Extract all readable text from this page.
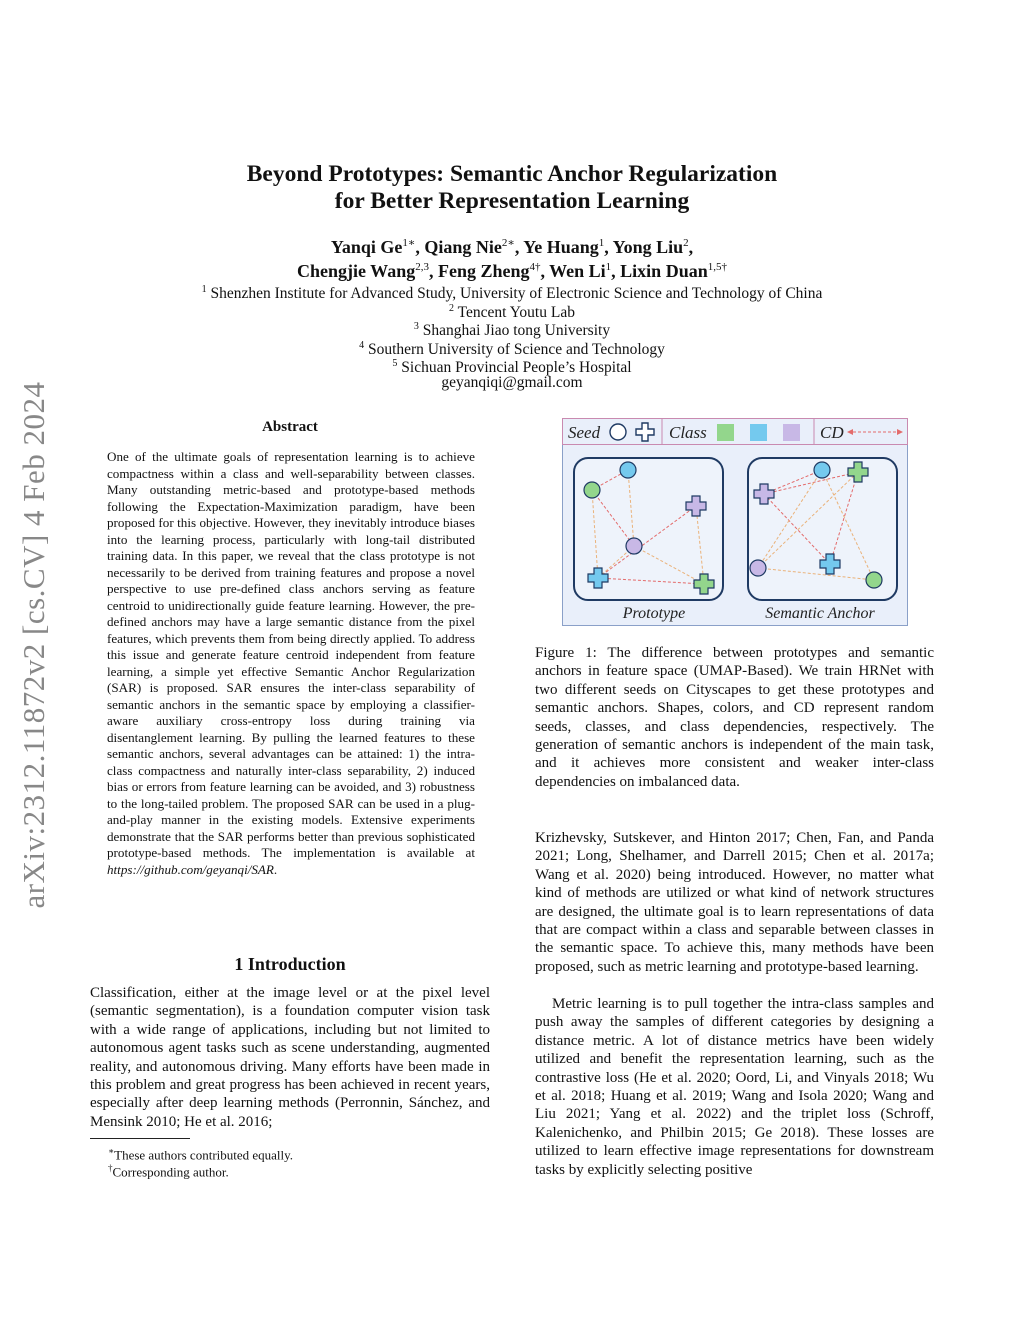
arXiv:2312.11872v2 [cs.CV] 4 Feb 2024
Beyond Prototypes: Semantic Anchor Regularization
for Better Representation Learning
Yanqi $Ge^{1∗}$, Qiang Nie$^{2∗}$, Ye Huang$^1$, Yong Liu$^2$,
Chengjie Wang$^{2,3}$, Feng Zheng$^{4\dagger}$, Wen Li$^1$, Lixin Duan$^{1,5\dagger}$
$^1$ Shenzhen Institute for Advanced Study, University of Electronic Science and Technology of China
$^2$ Tencent Youtu Lab
$^3$ Shanghai Jiao tong University
$^4$ Southern University of Science and Technology
$^5$ Sichuan Provincial People’s Hospital
geyanqiqi@gmail.com
Abstract
One of the ultimate goals of representation learning is to achieve compactness within a class and well-separability between classes. Many outstanding metric-based and prototype-based methods following the Expectation-Maximization paradigm, have been proposed for this objective. However, they inevitably introduce biases into the learning process, particularly with long-tail distributed training data. In this paper, we reveal that the class prototype is not necessarily to be derived from training features and propose a novel perspective to use pre-defined class anchors serving as feature centroid to unidirectionally guide feature learning. However, the pre-defined anchors may have a large semantic distance from the pixel features, which prevents them from being directly applied. To address this issue and generate feature centroid independent from feature learning, a simple yet effective Semantic Anchor Regularization (SAR) is proposed. SAR ensures the inter-class separability of semantic anchors in the semantic space by employing a classifier-aware auxiliary cross-entropy loss during training via disentanglement learning. By pulling the learned features to these semantic anchors, several advantages can be attained: 1) the intra-class compactness and naturally inter-class separability, 2) induced bias or errors from feature learning can be avoided, and 3) robustness to the long-tailed problem. The proposed SAR can be used in a plug-and-play manner in the existing models. Extensive experiments demonstrate that the SAR performs better than previous sophisticated prototype-based methods. The implementation is available at https://github.com/geyanqi/SAR.
1 Introduction
Classification, either at the image level or at the pixel level (semantic segmentation), is a foundation computer vision task with a wide range of applications, including but not limited to autonomous agent tasks such as scene understanding, augmented reality, and autonomous driving. Many efforts have been made in this problem and great progress has been achieved in recent years, especially after deep learning methods (Perronnin, Sánchez, and Mensink 2010; He et al. 2016;
∗These authors contributed equally.
†Corresponding author.
Seed	Class	CD
Prototype	Semantic Anchor
Figure 1: The difference between prototypes and semantic anchors in feature space (UMAP-Based). We train HRNet with two different seeds on Cityscapes to get these prototypes and semantic anchors. Shapes, colors, and CD represent random seeds, classes, and class dependencies, respectively. The generation of semantic anchors is independent of the main task, and it achieves more consistent and weaker inter-class dependencies on imbalanced data.
Krizhevsky, Sutskever, and Hinton 2017; Chen, Fan, and Panda 2021; Long, Shelhamer, and Darrell 2015; Chen et al. 2017a; Wang et al. 2020) being introduced. However, no matter what kind of methods are utilized or what kind of network structures are designed, the ultimate goal is to learn representations of data that are compact within a class and separable between classes in the semantic space. To achieve this, many methods have been proposed, such as metric learning and prototype-based learning.
Metric learning is to pull together the intra-class samples and push away the samples of different categories by designing a distance metric. A lot of distance metrics have been widely utilized and benefit the representation learning, such as the contrastive loss (He et al. 2020; Oord, Li, and Vinyals 2018; Wu et al. 2018; Huang et al. 2019; Wang and Isola 2020; Wang and Liu 2021; Yang et al. 2022) and the triplet loss (Schroff, Kalenichenko, and Philbin 2015; Ge 2018). These losses are utilized to learn effective image representations for downstream tasks by explicitly selecting positive
